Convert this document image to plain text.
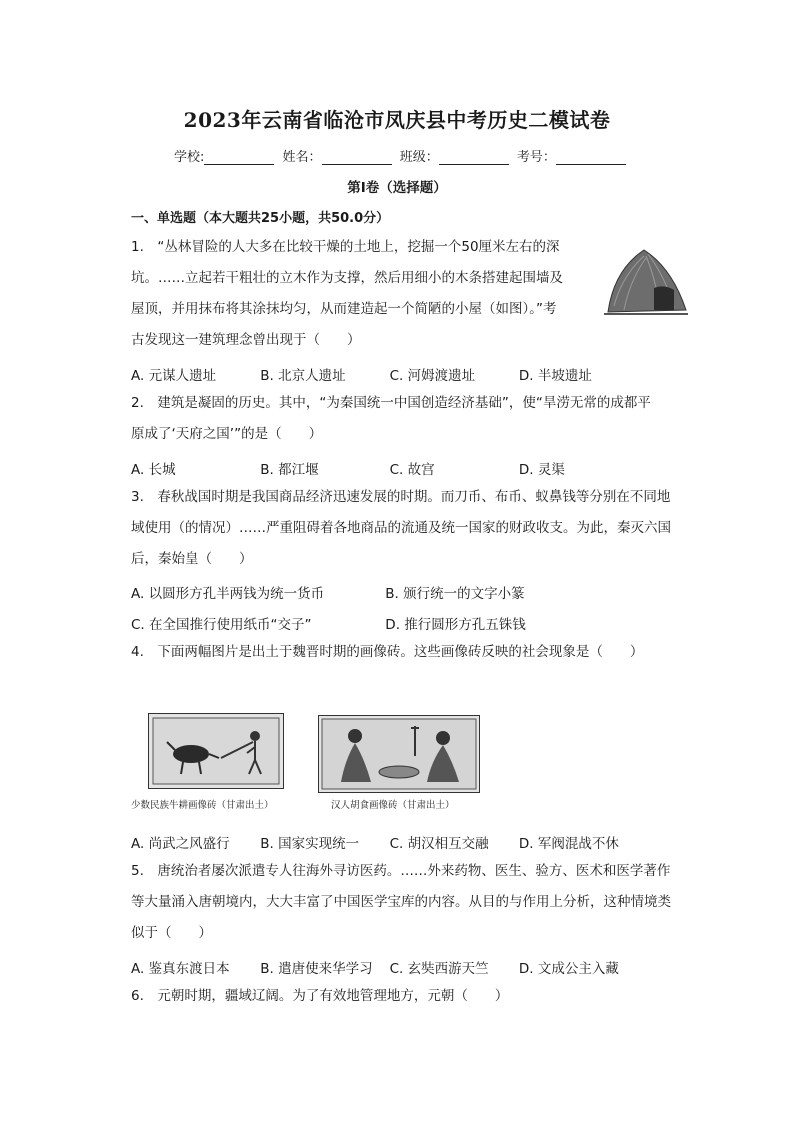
2023年云南省临沧市凤庆县中考历史二模试卷
学校:	姓名：	班级：	考号：
第Ⅰ卷（选择题）
一、单选题（本大题共25小题，共50.0分）
1.　“丛林冒险的人大多在比较干燥的土地上，挖掘一个50厘米左右的深
坑。……立起若干粗壮的立木作为支撑，然后用细小的木条搭建起围墙及
屋顶，并用抹布将其涂抹均匀，从而建造起一个简陋的小屋（如图）。”考
古发现这一建筑理念曾出现于（　　）
A. 元谋人遗址	B. 北京人遗址	C. 河姆渡遗址	D. 半坡遗址
2.　建筑是凝固的历史。其中，“为秦国统一中国创造经济基础”，使“旱涝无常的成都平
原成了‘天府之国’”的是（　　）
A. 长城	B. 都江堰	C. 故宫	D. 灵渠
3.　春秋战国时期是我国商品经济迅速发展的时期。而刀币、布币、蚁鼻钱等分别在不同地
域使用（的情况）……严重阻碍着各地商品的流通及统一国家的财政收支。为此，秦灭六国
后，秦始皇（　　）
A. 以圆形方孔半两钱为统一货币	B. 颁行统一的文字小篆
C. 在全国推行使用纸币“交子”	D. 推行圆形方孔五铢钱
4.　下面两幅图片是出土于魏晋时期的画像砖。这些画像砖反映的社会现象是（　　）
少数民族牛耕画像砖（甘肃出土）	汉人胡食画像砖（甘肃出土）
A. 尚武之风盛行 B. 国家实现统一 C. 胡汉相互交融 D. 军阀混战不休
5.　唐统治者屡次派遣专人往海外寻访医药。……外来药物、医生、验方、医术和医学著作
等大量涌入唐朝境内，大大丰富了中国医学宝库的内容。从目的与作用上分析，这种情境类
似于（　　）
A. 鉴真东渡日本 B. 遣唐使来华学习 C. 玄奘西游天竺 D. 文成公主入藏
6.　元朝时期，疆域辽阔。为了有效地管理地方，元朝（　　）
